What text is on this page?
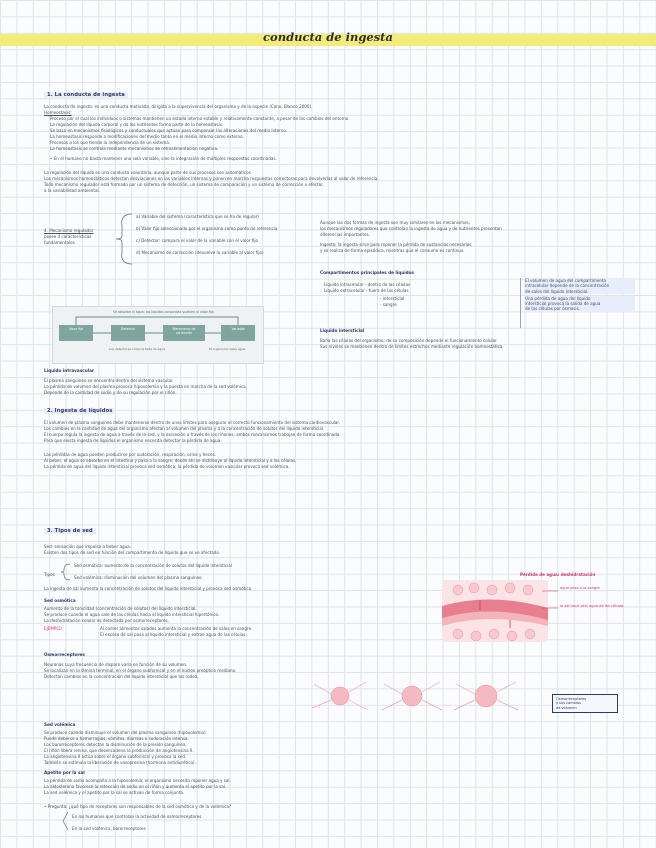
conducta de ingesta
1. La conducta de ingesta
La conducta de ingesta: es una conducta motivada, dirigida a la supervivencia del organismo y de la especie (Cano, Blanco 2000).
Homeostasis:
Proceso por el cual los individuos o sistemas mantienen un estado interno estable y relativamente constante, a pesar de los cambios del entorno.
La regulación del líquido corporal y de los nutrientes forma parte de la homeostasis.
Se basa en mecanismos fisiológicos y conductuales que actúan para compensar las alteraciones del medio interno.
La homeostasis responde a modificaciones del medio tanto en el medio interno como externo.
Procesos a los que tiende la independencia de un sistema.
La homeostasis se controla mediante mecanismos de retroalimentación negativa.
• En el humano no basta mantener una sola variable, sino la integración de múltiples respuestas coordinadas.
La regulación del líquido es una conducta voluntaria, aunque parte de sus procesos son automáticos.
Los mecanismos homeostáticos detectan desviaciones en las variables internas y ponen en marcha respuestas correctoras para devolverlas al valor de referencia.
Todo mecanismo regulador está formado por un sistema de detección, un sistema de comparación y un sistema de corrección o efector.
a la variabilidad ambiental.
4. Mecanismo regulador
posee 4 características
fundamentales
a) Variable del sistema (característica que se ha de regular)
b) Valor fijo seleccionado por el organismo como punto de referencia
c) Detector: compara el valor de la variable con el valor fijo
d) Mecanismo de corrección (devuelve la variable al valor fijo)
Aunque las dos formas de ingesta son muy similares en los mecanismos,
los mecanismos reguladores que controlan la ingesta de agua y de nutrientes presentan
diferencias importantes.
Ingesta: la ingesta sirve para reponer la pérdida de sustancias necesarias
y se realiza de forma episódica, mientras que el consumo es continuo.
Se absorbe el agua: los líquidos corporales vuelven al valor fijo
Valor fijo	Detector	Mecanismo de corrección
Variable
Los detectores notan la falta de agua	El organismo bebe agua
Compartimentos principales de líquidos
Líquido intracelular - dentro de las células
Líquido extracelular - fuera de las células
- intersticial
- sangre
El volumen de agua del compartimento
intracelular depende de la concentración
de sales del líquido intersticial.
Una pérdida de agua del líquido
intersticial provoca la salida de agua
de las células por ósmosis.
Líquido intersticial
Baña las células del organismo; de su composición depende el funcionamiento celular.
Sus niveles se mantienen dentro de límites estrechos mediante regulación homeostática.
Líquido intravascular
El plasma sanguíneo se encuentra dentro del sistema vascular.
La pérdida de volumen del plasma provoca hipovolemia y la puesta en marcha de la sed volémica.
Depende de la cantidad de sodio y de su regulación por el riñón.
2. Ingesta de líquidos
El volumen de plasma sanguíneo debe mantenerse dentro de unos límites para asegurar el correcto funcionamiento del sistema cardiovascular.
Los cambios en la cantidad de agua del organismo afectan al volumen del plasma y a la concentración de solutos del líquido intersticial.
El cuerpo regula la ingesta de agua a través de la sed, y la excreción a través de los riñones; ambos mecanismos trabajan de forma coordinada.
Para que exista ingesta de líquidos el organismo necesita detectar la pérdida de agua.
Las pérdidas de agua pueden producirse por sudoración, respiración, orina y heces.
Al beber, el agua se absorbe en el intestino y pasa a la sangre; desde ahí se distribuye al líquido intersticial y a las células.
La pérdida de agua del líquido intersticial provoca sed osmótica; la pérdida de volumen vascular provoca sed volémica.
3. Tipos de sed
Sed: sensación que impulsa a beber agua.
Existen dos tipos de sed en función del compartimento de líquido que se ve afectado.
Tipos
Sed osmótica: aumento de la concentración de solutos del líquido intersticial
Sed volémica: disminución del volumen del plasma sanguíneo
La ingesta de sal aumenta la concentración de solutos del líquido intersticial y provoca sed osmótica.
Sed osmótica
Aumento de la tonicidad (concentración de solutos) del líquido intersticial.
Se produce cuando el agua sale de las células hacia el líquido intersticial hipertónico.
La deshidratación celular es detectada por osmorreceptores.
EJEMPLO	Al comer alimentos salados aumenta la concentración de sales en sangre.
El exceso de sal pasa al líquido intersticial y extrae agua de las células.
Pérdida de agua: deshidratación
agua pasa a la sangre
la sal hace salir agua de las células
Osmorreceptores
Neuronas cuya frecuencia de disparo varía en función de su volumen.
Se localizan en la lámina terminal, en el órgano subfornical y en el núcleo preóptico mediano.
Detectan cambios en la concentración del líquido intersticial que los rodea.
Osmorreceptores
y sus cambios
de volumen
Sed volémica
Se produce cuando disminuye el volumen del plasma sanguíneo (hipovolemia).
Puede deberse a hemorragias, vómitos, diarreas o sudoración intensa.
Los barorreceptores detectan la disminución de la presión sanguínea.
El riñón libera renina, que desencadena la producción de angiotensina II.
La angiotensina II actúa sobre el órgano subfornical y provoca la sed.
También se estimula la liberación de vasopresina (hormona antidiurética).
Apetito por la sal
La pérdida de sodio acompaña a la hipovolemia; el organismo necesita reponer agua y sal.
La aldosterona favorece la retención de sodio en el riñón y aumenta el apetito por la sal.
La sed volémica y el apetito por la sal se activan de forma conjunta.
• Pregunta: ¿qué tipo de receptores son responsables de la sed osmótica y de la volémica?
En los humanos que controlan la actividad de osmorreceptores
En la sed volémica, barorreceptores
